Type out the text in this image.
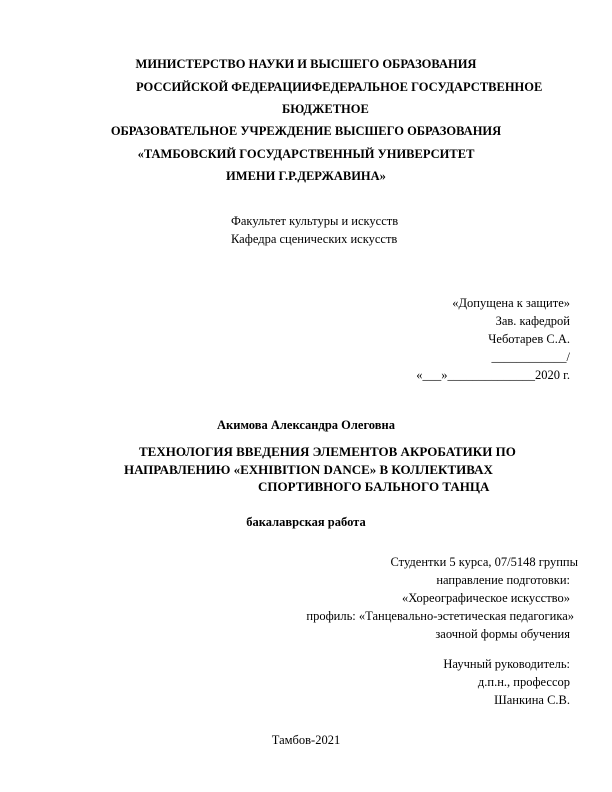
МИНИСТЕРСТВО НАУКИ И ВЫСШЕГО ОБРАЗОВАНИЯ
РОССИЙСКОЙ ФЕДЕРАЦИИФЕДЕРАЛЬНОЕ ГОСУДАРСТВЕННОЕ
БЮДЖЕТНОЕ
ОБРАЗОВАТЕЛЬНОЕ УЧРЕЖДЕНИЕ ВЫСШЕГО ОБРАЗОВАНИЯ
«ТАМБОВСКИЙ ГОСУДАРСТВЕННЫЙ УНИВЕРСИТЕТ
ИМЕНИ Г.Р.ДЕРЖАВИНА»
Факультет культуры и искусств
Кафедра сценических искусств
«Допущена к защите»
Зав. кафедрой
Чеботарев С.А.
____________/
«___»______________2020 г.
Акимова Александра Олеговна
ТЕХНОЛОГИЯ ВВЕДЕНИЯ ЭЛЕМЕНТОВ АКРОБАТИКИ ПО
НАПРАВЛЕНИЮ «EXHIBITION DANCE» В КОЛЛЕКТИВАХ
СПОРТИВНОГО БАЛЬНОГО ТАНЦА
бакалаврская работа
Студентки 5 курса, 07/5148 группы
направление подготовки:
«Хореографическое искусство»
профиль: «Танцевально-эстетическая педагогика»
заочной формы обучения
Научный руководитель:
д.п.н., профессор
Шанкина С.В.
Тамбов-2021
